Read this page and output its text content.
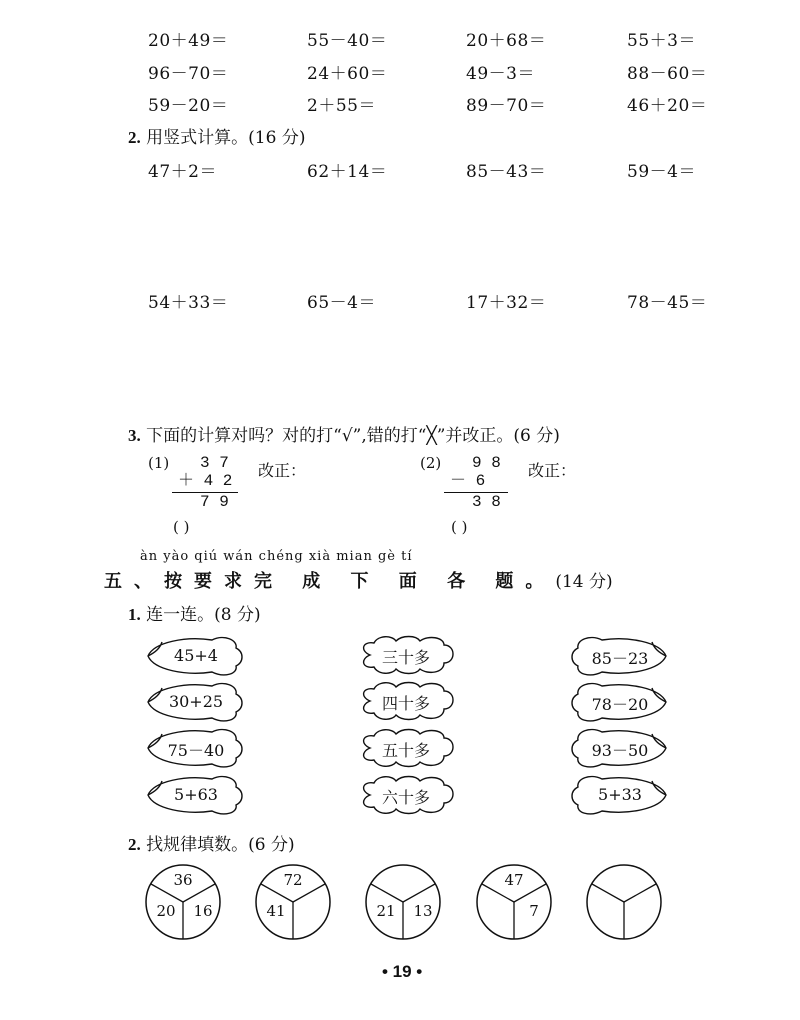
20＋49＝	55－40＝	20＋68＝	55＋3＝
96－70＝	24＋60＝	49－3＝	88－60＝
59－20＝	2＋55＝	89－70＝	46＋20＝
2. 用竖式计算。(16 分)
47＋2＝	62＋14＝	85－43＝	59－4＝
54＋33＝	65－4＝	17＋32＝	78－45＝
3. 下面的计算对吗？对的打“√”,错的打“╳”并改正。(6 分)
(1) 3 7
＋ 4 2
7 9
( )
改正：	(2) 9 8
－ 6
3 8
( )
改正：
àn yào qiú wán chéng xià mian gè tí
五、按要求完 成 下 面 各 题。(14 分)
1. 连一连。(8 分)
45+4
30+25
75－40
5+63
三十多
四十多
五十多
六十多
85－23
78－20
93－50
5+33
2. 找规律填数。(6 分)
36
20	16
72
41	21	13
47
7
• 19 •
